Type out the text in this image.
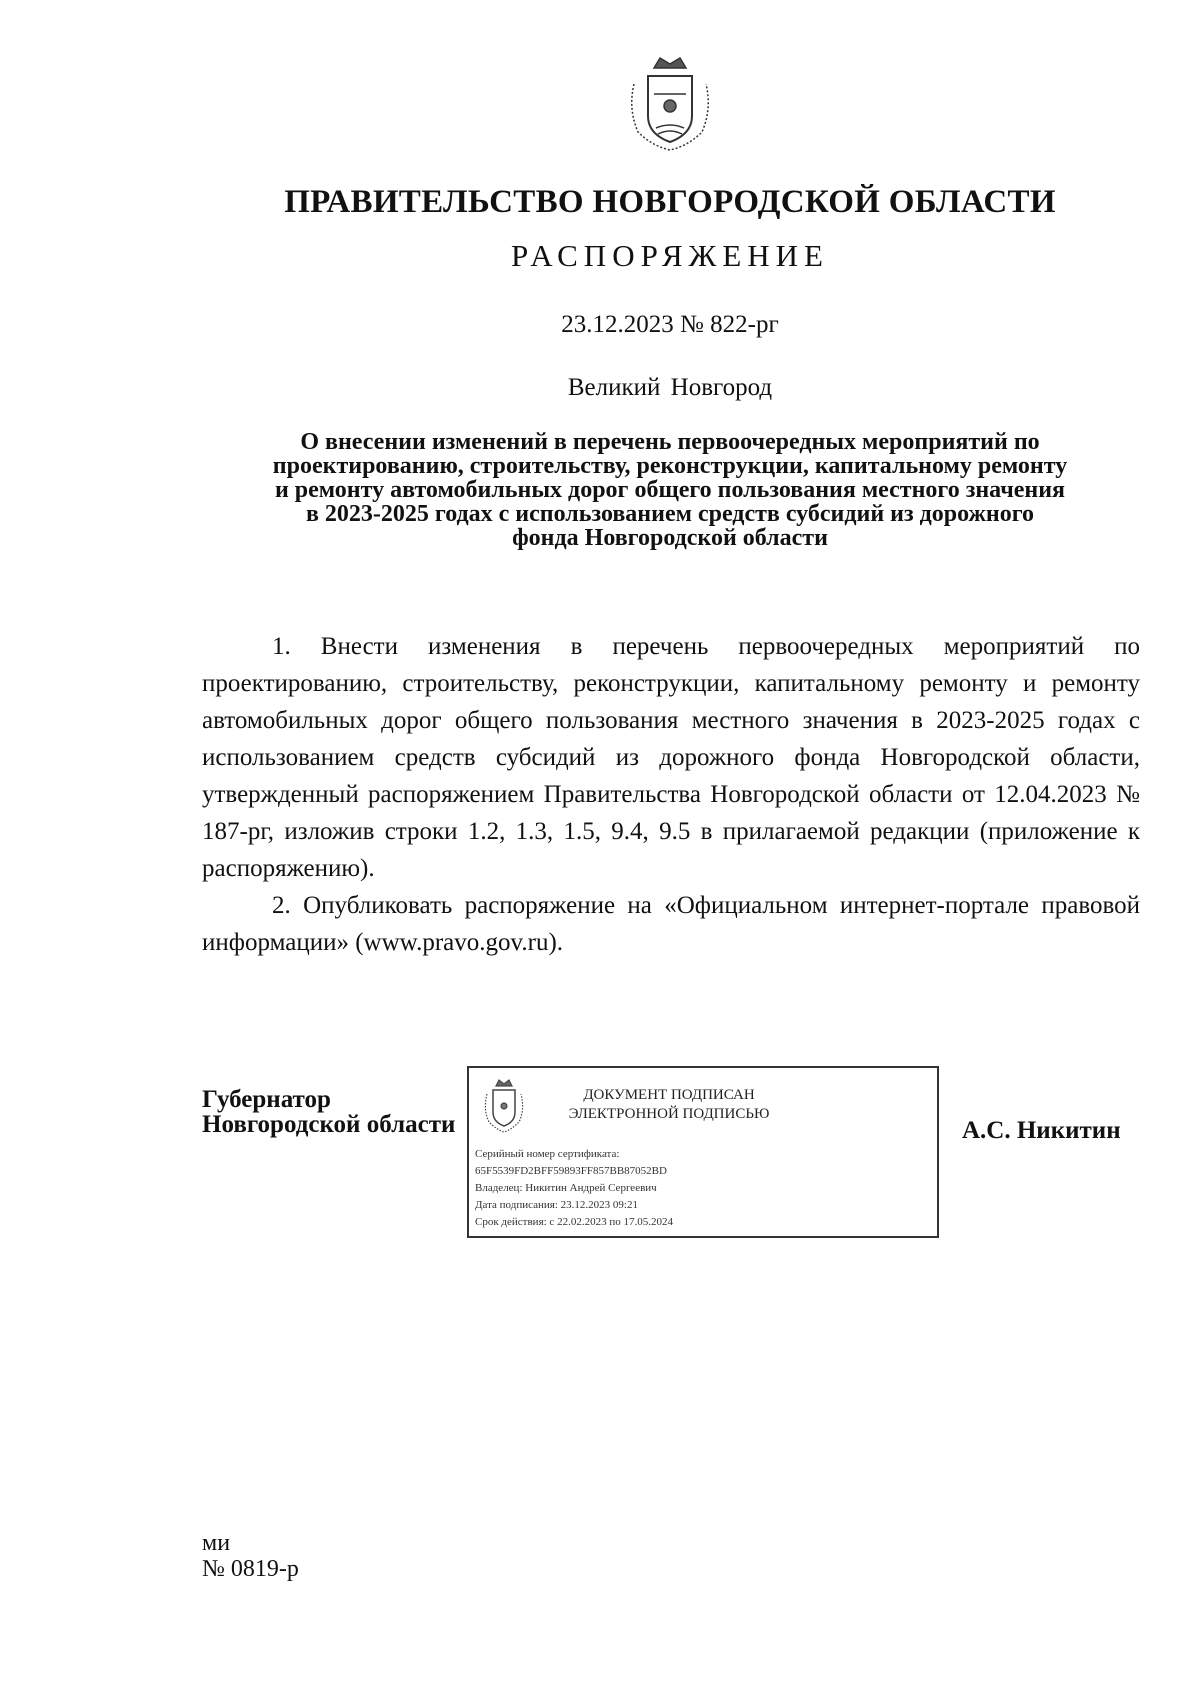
ПРАВИТЕЛЬСТВО НОВГОРОДСКОЙ ОБЛАСТИ
РАСПОРЯЖЕНИЕ
23.12.2023 № 822-рг
Великий Новгород
О внесении изменений в перечень первоочередных мероприятий по
проектированию, строительству, реконструкции, капитальному ремонту
и ремонту автомобильных дорог общего пользования местного значения
в 2023-2025 годах с использованием средств субсидий из дорожного
фонда Новгородской области

1. Внести изменения в перечень первоочередных мероприятий по проектированию, строительству, реконструкции, капитальному ремонту и ремонту автомобильных дорог общего пользования местного значения в 2023-2025 годах с использованием средств субсидий из дорожного фонда Новгородской области, утвержденный распоряжением Правительства Новгородской области от 12.04.2023 № 187-рг, изложив строки 1.2, 1.3, 1.5, 9.4, 9.5 в прилагаемой редакции (приложение к распоряжению).

2. Опубликовать распоряжение на «Официальном интернет-портале правовой информации» (www.pravo.gov.ru).

Губернатор
Новгородской области
ДОКУМЕНТ ПОДПИСАН
ЭЛЕКТРОННОЙ ПОДПИСЬЮ
Серийный номер сертификата:
65F5539FD2BFF59893FF857BB87052BD
Владелец: Никитин Андрей Сергеевич
Дата подписания: 23.12.2023 09:21
Срок действия: с 22.02.2023 по 17.05.2024
А.С. Никитин
ми
№ 0819-р
